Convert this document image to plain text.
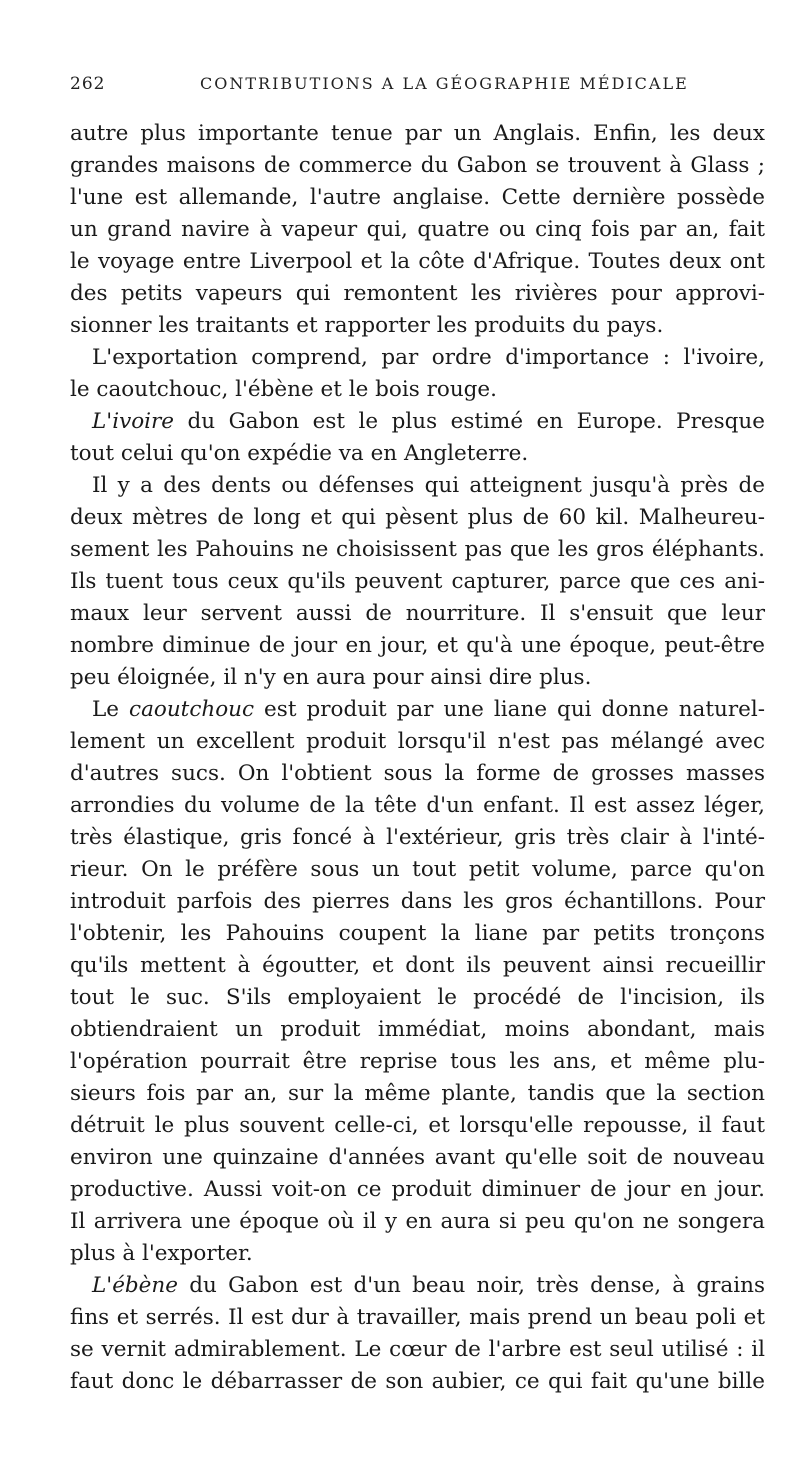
262	CONTRIBUTIONS A LA GÉOGRAPHIE MÉDICALE
autre plus importante tenue par un Anglais. Enfin, les deux
grandes maisons de commerce du Gabon se trouvent à Glass ;
l'une est allemande, l'autre anglaise. Cette dernière possède
un grand navire à vapeur qui, quatre ou cinq fois par an, fait
le voyage entre Liverpool et la côte d'Afrique. Toutes deux ont
des petits vapeurs qui remontent les rivières pour approvi-
sionner les traitants et rapporter les produits du pays.
L'exportation comprend, par ordre d'importance : l'ivoire,
le caoutchouc, l'ébène et le bois rouge.
L'ivoire du Gabon est le plus estimé en Europe. Presque
tout celui qu'on expédie va en Angleterre.
Il y a des dents ou défenses qui atteignent jusqu'à près de
deux mètres de long et qui pèsent plus de 60 kil. Malheureu-
sement les Pahouins ne choisissent pas que les gros éléphants.
Ils tuent tous ceux qu'ils peuvent capturer, parce que ces ani-
maux leur servent aussi de nourriture. Il s'ensuit que leur
nombre diminue de jour en jour, et qu'à une époque, peut-être
peu éloignée, il n'y en aura pour ainsi dire plus.
Le caoutchouc est produit par une liane qui donne naturel-
lement un excellent produit lorsqu'il n'est pas mélangé avec
d'autres sucs. On l'obtient sous la forme de grosses masses
arrondies du volume de la tête d'un enfant. Il est assez léger,
très élastique, gris foncé à l'extérieur, gris très clair à l'inté-
rieur. On le préfère sous un tout petit volume, parce qu'on
introduit parfois des pierres dans les gros échantillons. Pour
l'obtenir, les Pahouins coupent la liane par petits tronçons
qu'ils mettent à égoutter, et dont ils peuvent ainsi recueillir
tout le suc. S'ils employaient le procédé de l'incision, ils
obtiendraient un produit immédiat, moins abondant, mais
l'opération pourrait être reprise tous les ans, et même plu-
sieurs fois par an, sur la même plante, tandis que la section
détruit le plus souvent celle-ci, et lorsqu'elle repousse, il faut
environ une quinzaine d'années avant qu'elle soit de nouveau
productive. Aussi voit-on ce produit diminuer de jour en jour.
Il arrivera une époque où il y en aura si peu qu'on ne songera
plus à l'exporter.
L'ébène du Gabon est d'un beau noir, très dense, à grains
fins et serrés. Il est dur à travailler, mais prend un beau poli et
se vernit admirablement. Le cœur de l'arbre est seul utilisé : il
faut donc le débarrasser de son aubier, ce qui fait qu'une bille
